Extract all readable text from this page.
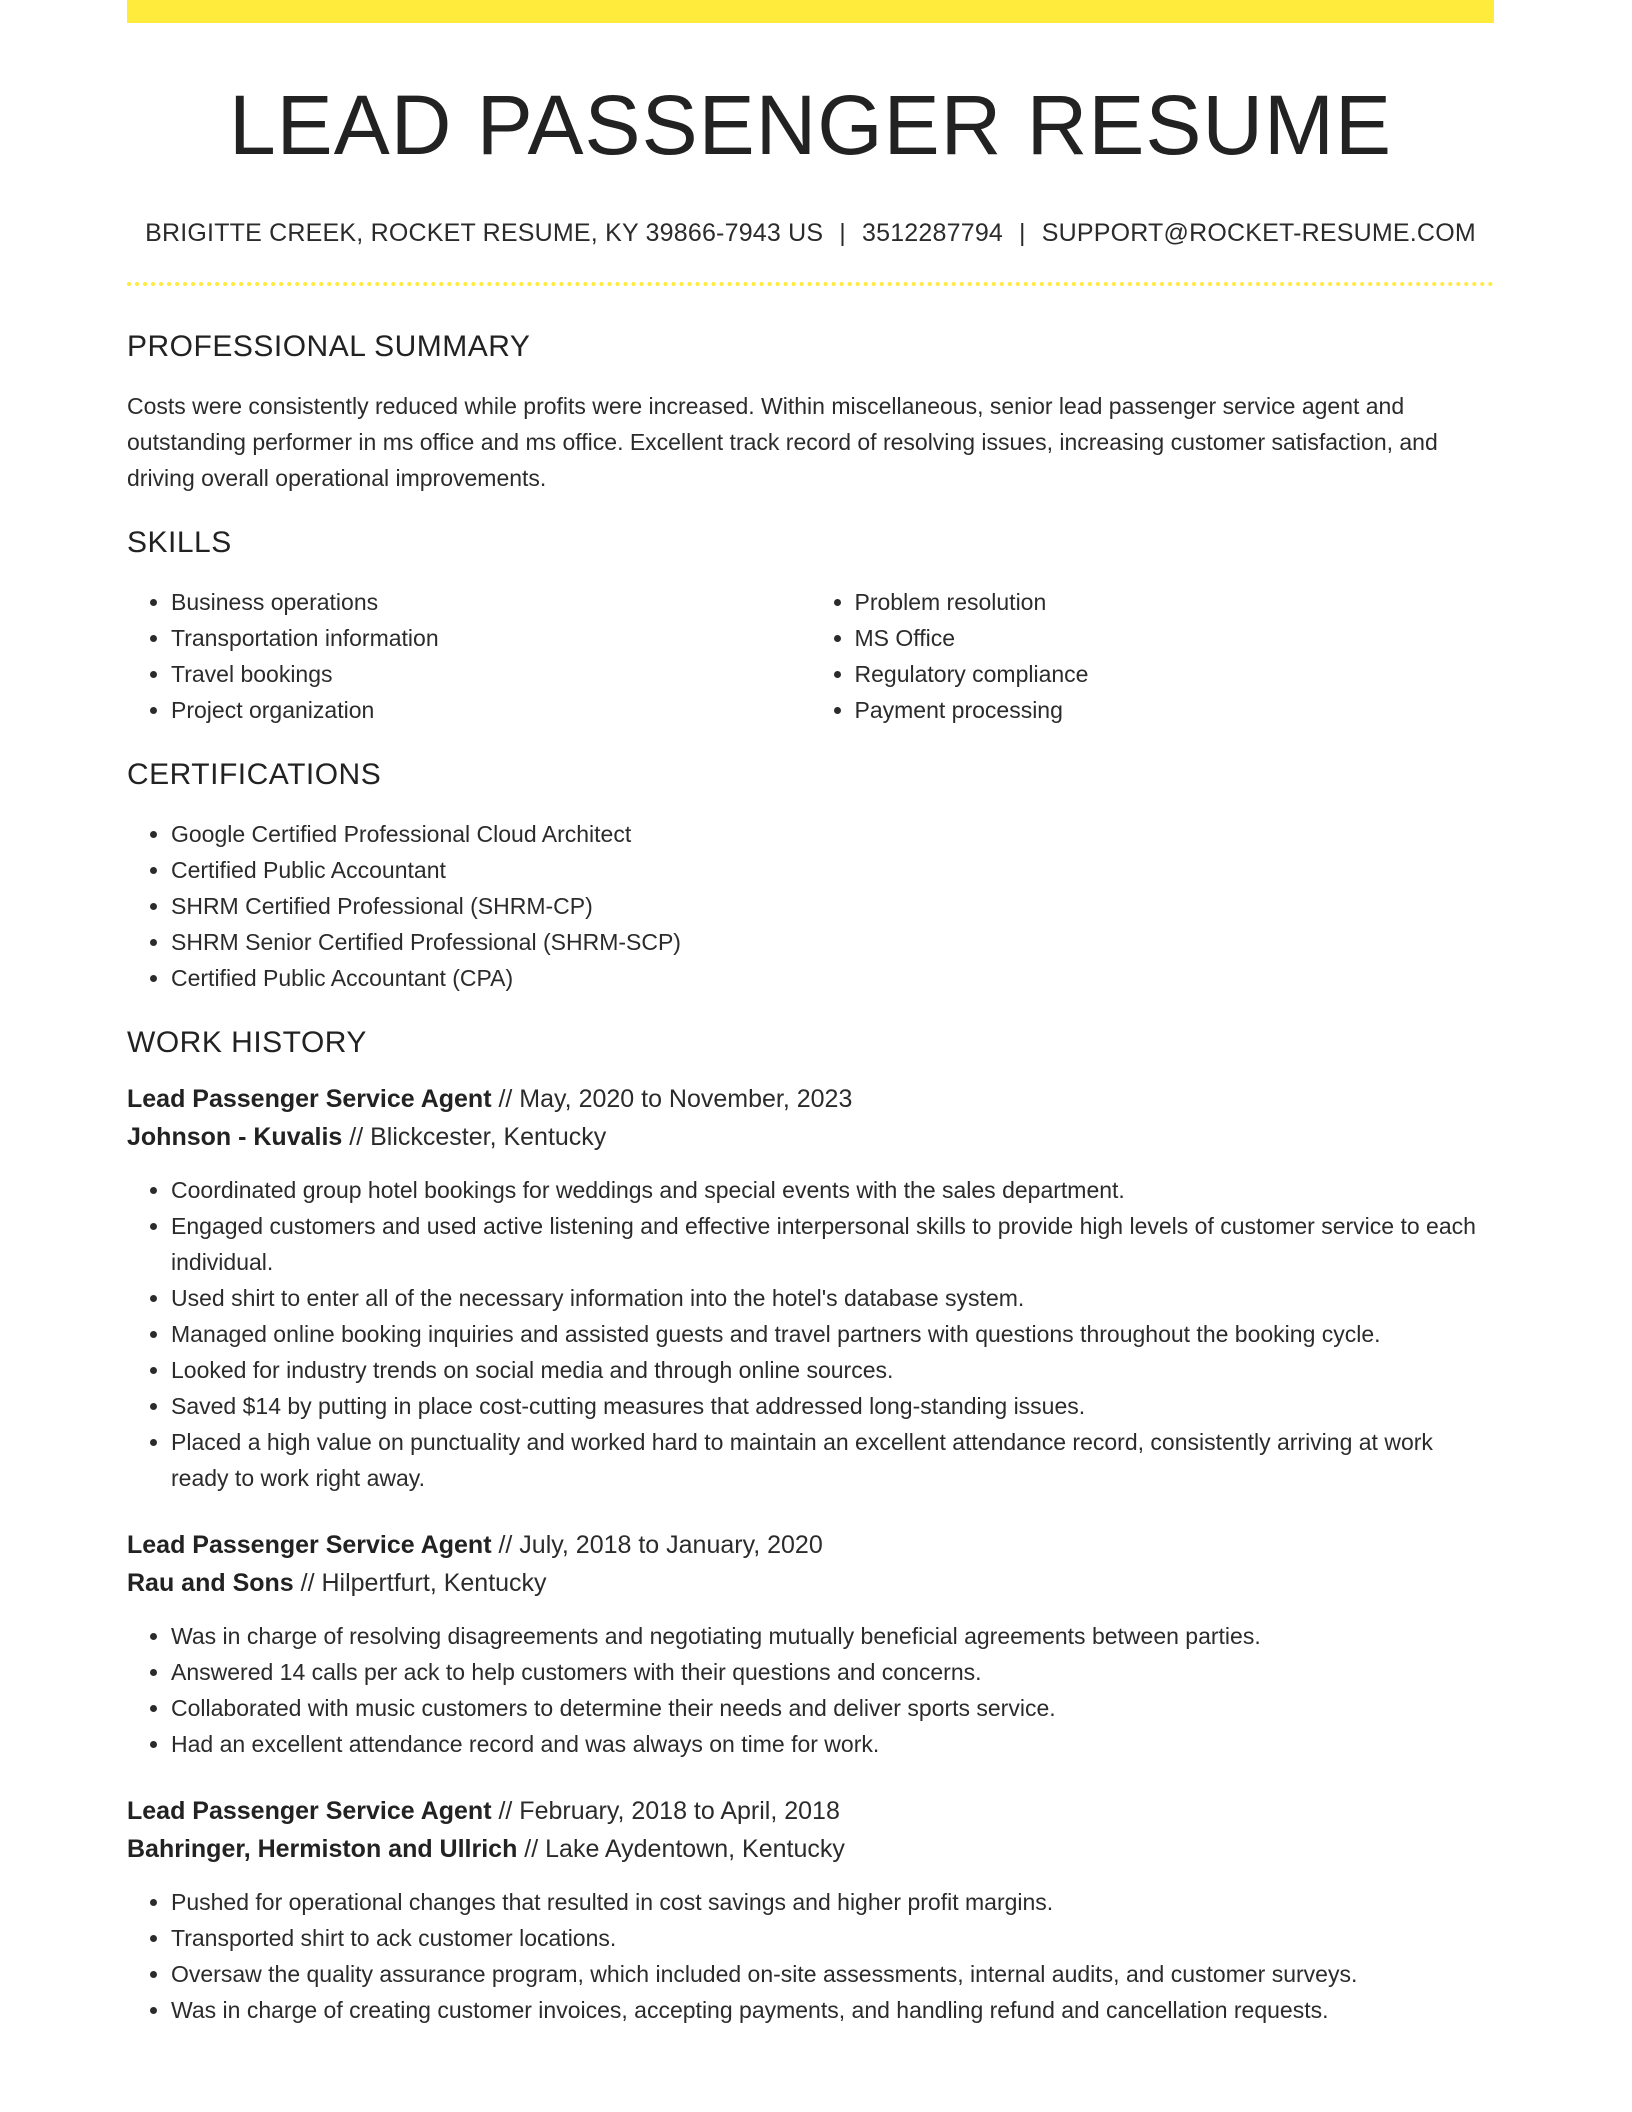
LEAD PASSENGER RESUME
BRIGITTE CREEK, ROCKET RESUME, KY 39866-7943 US | 3512287794 | SUPPORT@ROCKET-RESUME.COM
PROFESSIONAL SUMMARY
Costs were consistently reduced while profits were increased. Within miscellaneous, senior lead passenger service agent and outstanding performer in ms office and ms office. Excellent track record of resolving issues, increasing customer satisfaction, and driving overall operational improvements.
SKILLS
• Business operations
• Transportation information
• Travel bookings
• Project organization
• Problem resolution
• MS Office
• Regulatory compliance
• Payment processing
CERTIFICATIONS
• Google Certified Professional Cloud Architect
• Certified Public Accountant
• SHRM Certified Professional (SHRM-CP)
• SHRM Senior Certified Professional (SHRM-SCP)
• Certified Public Accountant (CPA)
WORK HISTORY
Lead Passenger Service Agent // May, 2020 to November, 2023
Johnson - Kuvalis // Blickcester, Kentucky
• Coordinated group hotel bookings for weddings and special events with the sales department.
• Engaged customers and used active listening and effective interpersonal skills to provide high levels of customer service to each individual.
• Used shirt to enter all of the necessary information into the hotel's database system.
• Managed online booking inquiries and assisted guests and travel partners with questions throughout the booking cycle.
• Looked for industry trends on social media and through online sources.
• Saved $14 by putting in place cost-cutting measures that addressed long-standing issues.
• Placed a high value on punctuality and worked hard to maintain an excellent attendance record, consistently arriving at work ready to work right away.
Lead Passenger Service Agent // July, 2018 to January, 2020
Rau and Sons // Hilpertfurt, Kentucky
• Was in charge of resolving disagreements and negotiating mutually beneficial agreements between parties.
• Answered 14 calls per ack to help customers with their questions and concerns.
• Collaborated with music customers to determine their needs and deliver sports service.
• Had an excellent attendance record and was always on time for work.
Lead Passenger Service Agent // February, 2018 to April, 2018
Bahringer, Hermiston and Ullrich // Lake Aydentown, Kentucky
• Pushed for operational changes that resulted in cost savings and higher profit margins.
• Transported shirt to ack customer locations.
• Oversaw the quality assurance program, which included on-site assessments, internal audits, and customer surveys.
• Was in charge of creating customer invoices, accepting payments, and handling refund and cancellation requests.
